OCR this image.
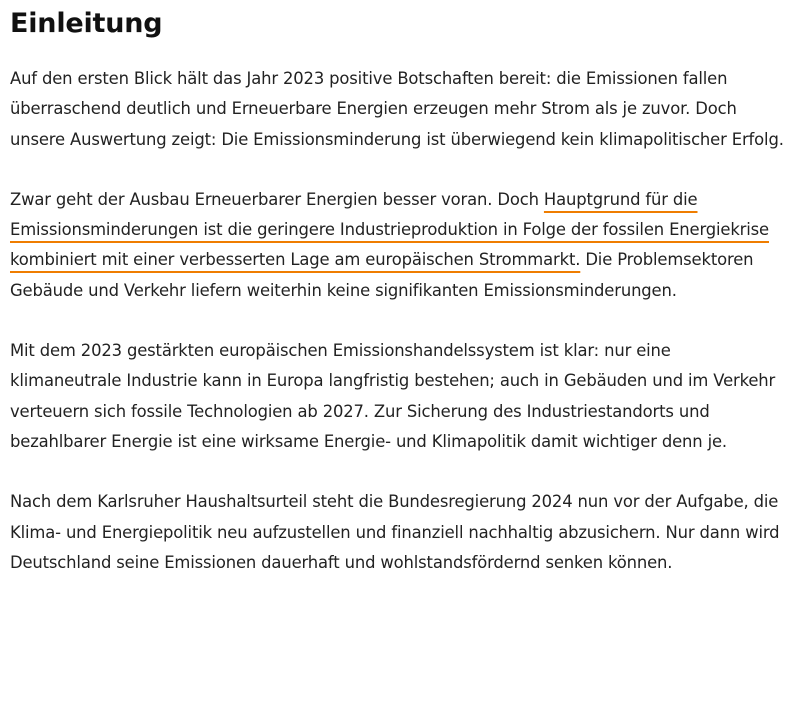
Einleitung

Auf den ersten Blick hält das Jahr 2023 positive Botschaften bereit: die Emissionen fallen überraschend deutlich und Erneuerbare Energien erzeugen mehr Strom als je zuvor. Doch unsere Auswertung zeigt: Die Emissionsminderung ist überwiegend kein klimapolitischer Erfolg.

Zwar geht der Ausbau Erneuerbarer Energien besser voran. Doch Hauptgrund für die Emissionsminderungen ist die geringere Industrieproduktion in Folge der fossilen Energiekrise kombiniert mit einer verbesserten Lage am europäischen Strommarkt. Die Problemsektoren Gebäude und Verkehr liefern weiterhin keine signifikanten Emissionsminderungen.

Mit dem 2023 gestärkten europäischen Emissionshandelssystem ist klar: nur eine klimaneutrale Industrie kann in Europa langfristig bestehen; auch in Gebäuden und im Verkehr verteuern sich fossile Technologien ab 2027. Zur Sicherung des Industriestandorts und bezahlbarer Energie ist eine wirksame Energie- und Klimapolitik damit wichtiger denn je.

Nach dem Karlsruher Haushaltsurteil steht die Bundesregierung 2024 nun vor der Aufgabe, die Klima- und Energiepolitik neu aufzustellen und finanziell nachhaltig abzusichern. Nur dann wird Deutschland seine Emissionen dauerhaft und wohlstandsfördernd senken können.
